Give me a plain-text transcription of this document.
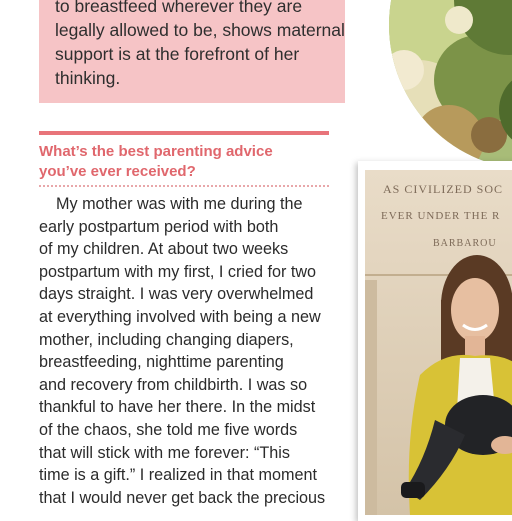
to breastfeed wherever they are
legally allowed to be, shows maternal
support is at the forefront of her
thinking.
What’s the best parenting advice
you’ve ever received?
My mother was with me during the
early postpartum period with both
of my children. At about two weeks
postpartum with my first, I cried for two
days straight. I was very overwhelmed
at everything involved with being a new
mother, including changing diapers,
breastfeeding, nighttime parenting
and recovery from childbirth. I was so
thankful to have her there. In the midst
of the chaos, she told me five words
that will stick with me forever: “This
time is a gift.” I realized in that moment
that I would never get back the precious
AS CIVILIZED SOC
EVER UNDER THE R
BARBAROU
